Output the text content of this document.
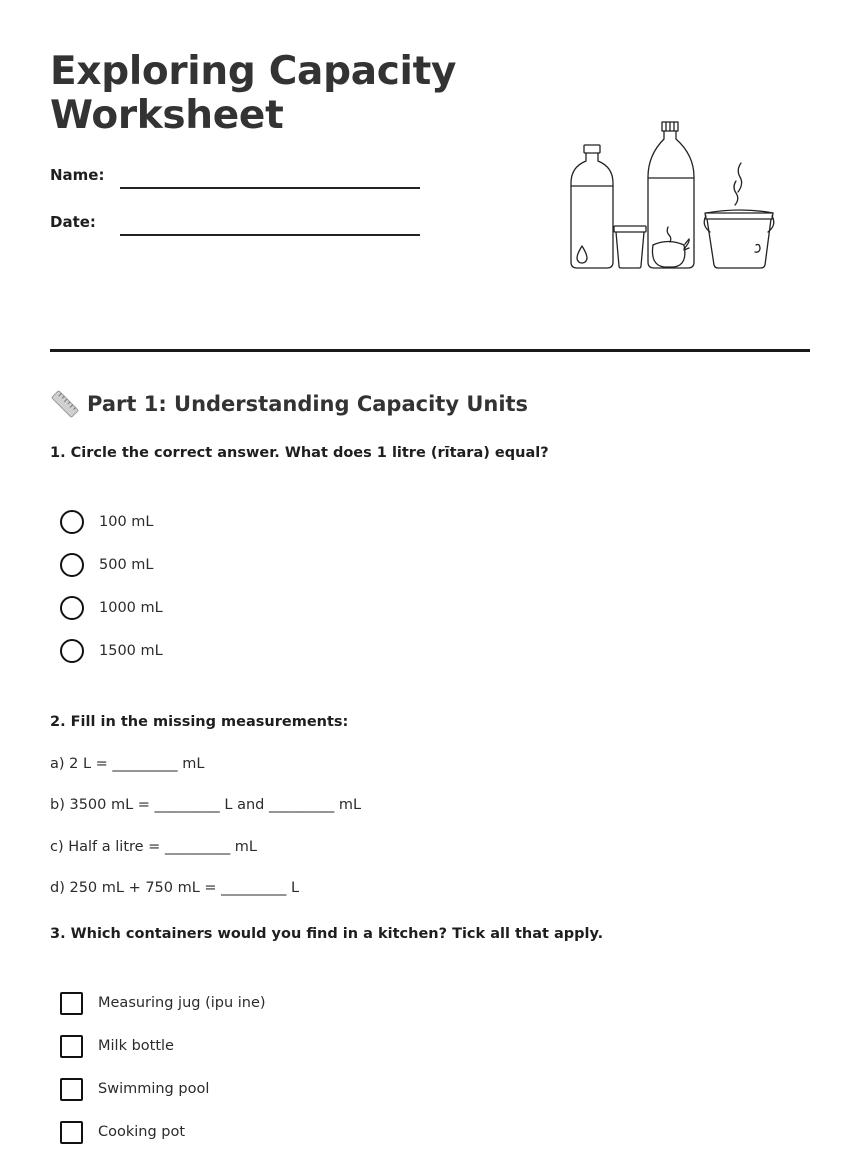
Exploring Capacity Worksheet
Name:
Date:
Part 1: Understanding Capacity Units

1. Circle the correct answer. What does 1 litre (rītara) equal?

100 mL
500 mL
1000 mL
1500 mL

2. Fill in the missing measurements:

a) 2 L = _________ mL
b) 3500 mL = _________ L and _________ mL
c) Half a litre = _________ mL
d) 250 mL + 750 mL = _________ L

3. Which containers would you find in a kitchen? Tick all that apply.

Measuring jug (ipu ine)
Milk bottle
Swimming pool
Cooking pot
